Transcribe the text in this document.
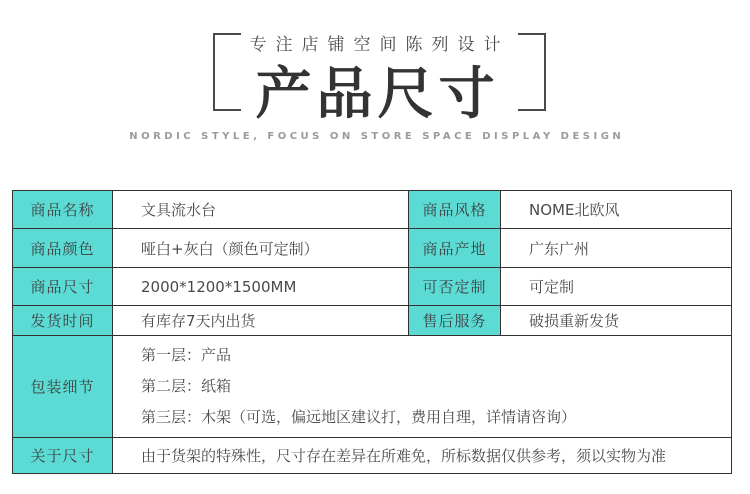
专注店铺空间陈列设计
产品尺寸
NORDIC STYLE, FOCUS ON STORE SPACE DISPLAY DESIGN
商品名称	文具流水台	商品风格	NOME北欧风
商品颜色	哑白+灰白（颜色可定制）	商品产地	广东广州
商品尺寸	2000*1200*1500MM	可否定制	可定制
发货时间	有库存7天内出货	售后服务	破损重新发货
包装细节	第一层：产品
第二层：纸箱
第三层：木架（可选，偏远地区建议打，费用自理，详情请咨询）		

关于尺寸	由于货架的特殊性，尺寸存在差异在所难免，所标数据仅供参考，须以实物为准		
